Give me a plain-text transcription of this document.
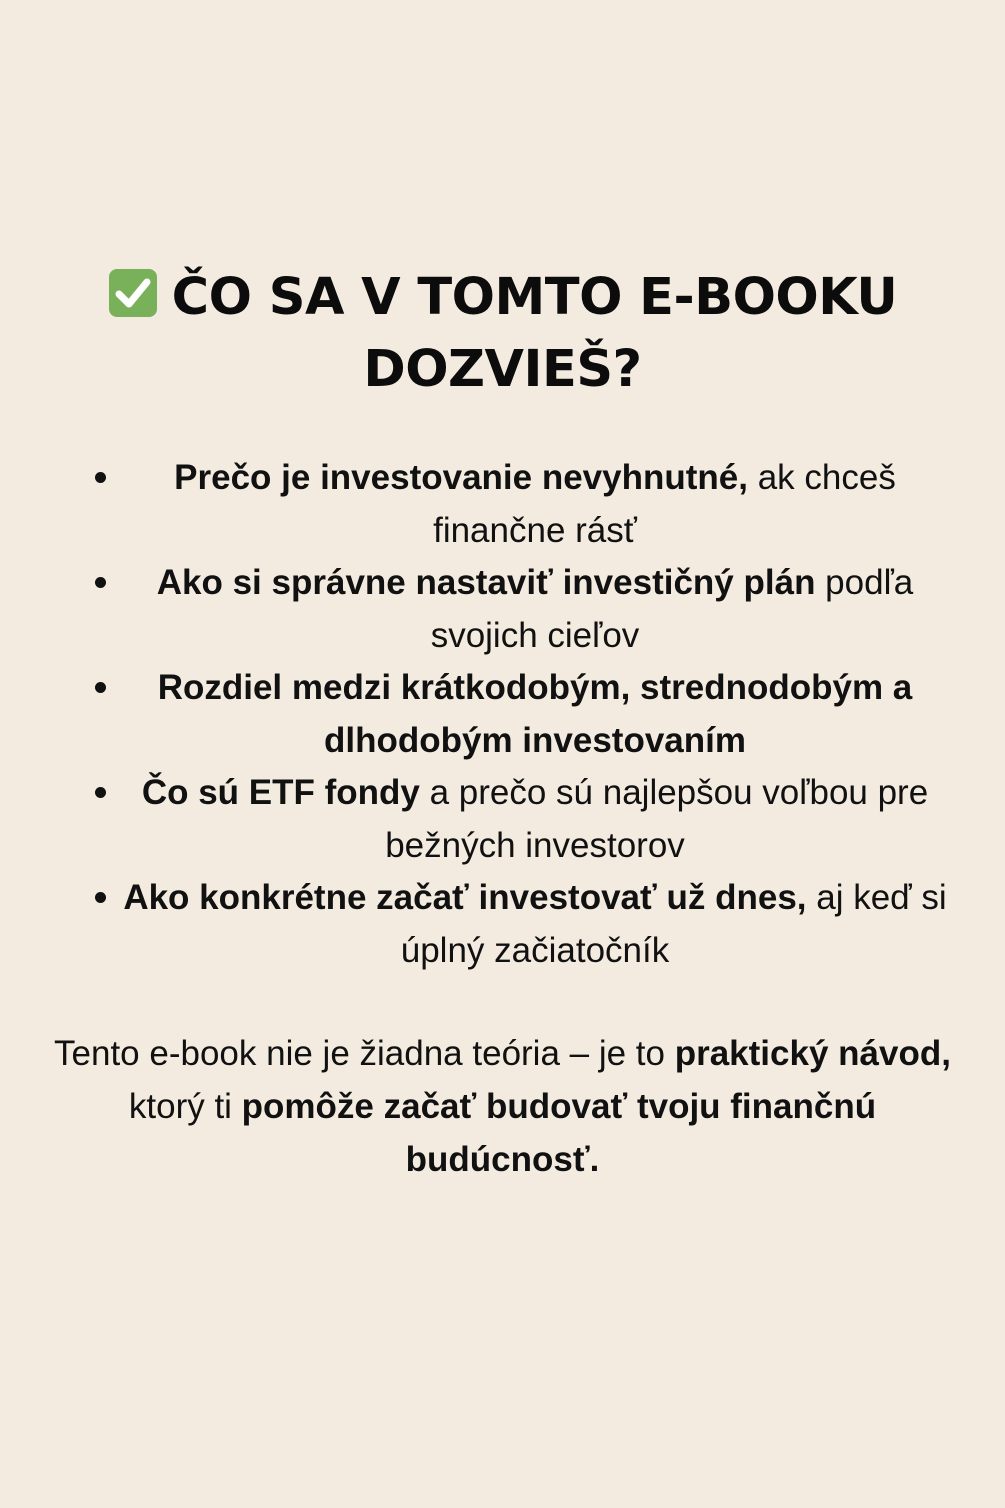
ČO SA V TOMTO E-BOOKU
DOZVIEŠ?
Prečo je investovanie nevyhnutné, ak chceš finančne rásť
Ako si správne nastaviť investičný plán podľa svojich cieľov
Rozdiel medzi krátkodobým, strednodobým a dlhodobým investovaním
Čo sú ETF fondy a prečo sú najlepšou voľbou pre bežných investorov
Ako konkrétne začať investovať už dnes, aj keď si úplný začiatočník

Tento e-book nie je žiadna teória – je to praktický návod, ktorý ti pomôže začať budovať tvoju finančnú budúcnosť.
